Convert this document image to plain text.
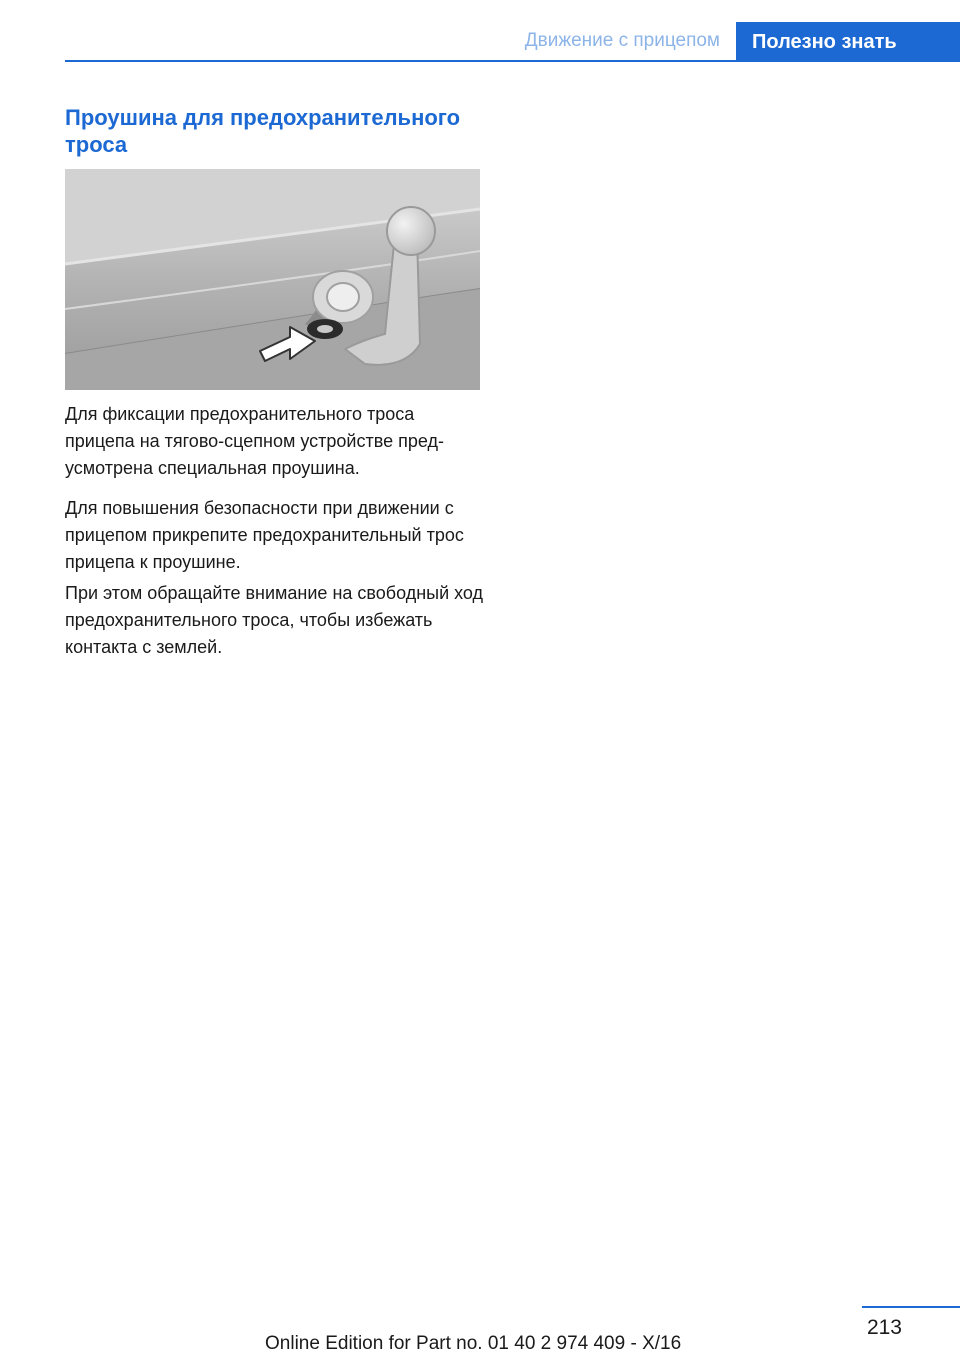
Движение с прицепом	Полезно знать
Проушина для предохранительного троса

Для фиксации предохранительного троса прицепа на тягово-сцепном устройстве предусмотрена специальная проушина.

Для повышения безопасности при движении с прицепом прикрепите предохранительный трос прицепа к проушине.

При этом обращайте внимание на свободный ход предохранительного троса, чтобы избежать контакта с землей.

213
Online Edition for Part no. 01 40 2 974 409 - X/16
